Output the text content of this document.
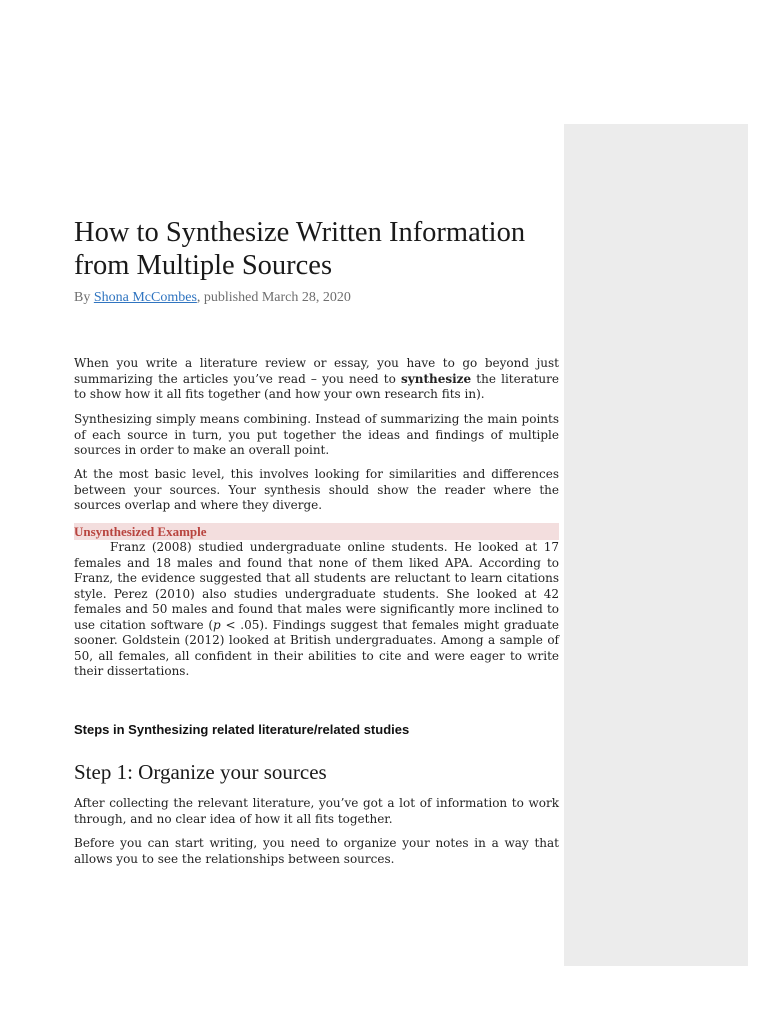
How to Synthesize Written Information from Multiple Sources
By Shona McCombes, published March 28, 2020

When you write a literature review or essay, you have to go beyond just summarizing the articles you’ve read – you need to synthesize the literature to show how it all fits together (and how your own research fits in).

Synthesizing simply means combining. Instead of summarizing the main points of each source in turn, you put together the ideas and findings of multiple sources in order to make an overall point.

At the most basic level, this involves looking for similarities and differences between your sources. Your synthesis should show the reader where the sources overlap and where they diverge.

Unsynthesized Example

Franz (2008) studied undergraduate online students. He looked at 17 females and 18 males and found that none of them liked APA. According to Franz, the evidence suggested that all students are reluctant to learn citations style. Perez (2010) also studies undergraduate students. She looked at 42 females and 50 males and found that males were significantly more inclined to use citation software (p < .05). Findings suggest that females might graduate sooner. Goldstein (2012) looked at British undergraduates. Among a sample of 50, all females, all confident in their abilities to cite and were eager to write their dissertations.

Steps in Synthesizing related literature/related studies
Step 1: Organize your sources

After collecting the relevant literature, you’ve got a lot of information to work through, and no clear idea of how it all fits together.

Before you can start writing, you need to organize your notes in a way that allows you to see the relationships between sources.
